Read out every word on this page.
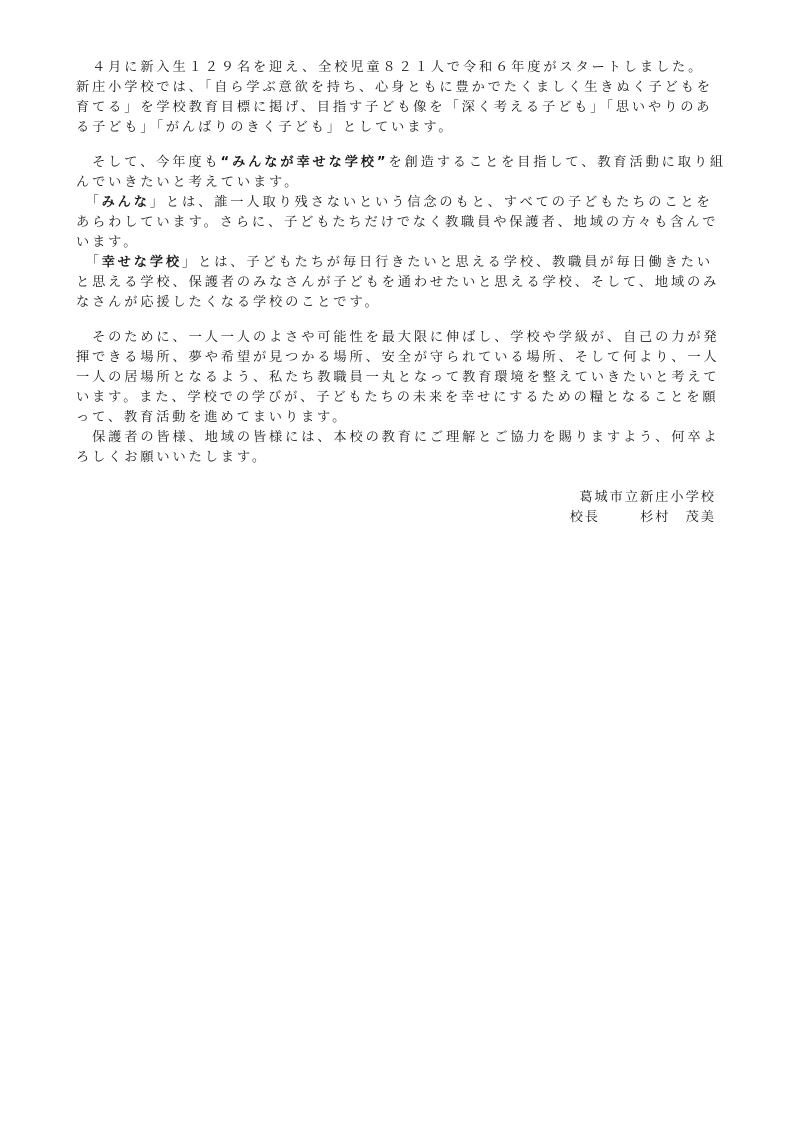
　４月に新入生１２９名を迎え、全校児童８２１人で令和６年度がスタートしました。
新庄小学校では、「自ら学ぶ意欲を持ち、心身ともに豊かでたくましく生きぬく子どもを
育てる」を学校教育目標に掲げ、目指す子ども像を「深く考える子ども」「思いやりのあ
る子ども」「がんばりのきく子ども」としています。
　そして、今年度も“みんなが幸せな学校”を創造することを目指して、教育活動に取り組
んでいきたいと考えています。
　「みんな」とは、誰一人取り残さないという信念のもと、すべての子どもたちのことを
あらわしています。さらに、子どもたちだけでなく教職員や保護者、地域の方々も含んで
います。
　「幸せな学校」とは、子どもたちが毎日行きたいと思える学校、教職員が毎日働きたい
と思える学校、保護者のみなさんが子どもを通わせたいと思える学校、そして、地域のみ
なさんが応援したくなる学校のことです。
　そのために、一人一人のよさや可能性を最大限に伸ばし、学校や学級が、自己の力が発
揮できる場所、夢や希望が見つかる場所、安全が守られている場所、そして何より、一人
一人の居場所となるよう、私たち教職員一丸となって教育環境を整えていきたいと考えて
います。また、学校での学びが、子どもたちの未来を幸せにするための糧となることを願
って、教育活動を進めてまいります。
　保護者の皆様、地域の皆様には、本校の教育にご理解とご協力を賜りますよう、何卒よ
ろしくお願いいたします。
葛城市立新庄小学校
校長	杉村　茂美
